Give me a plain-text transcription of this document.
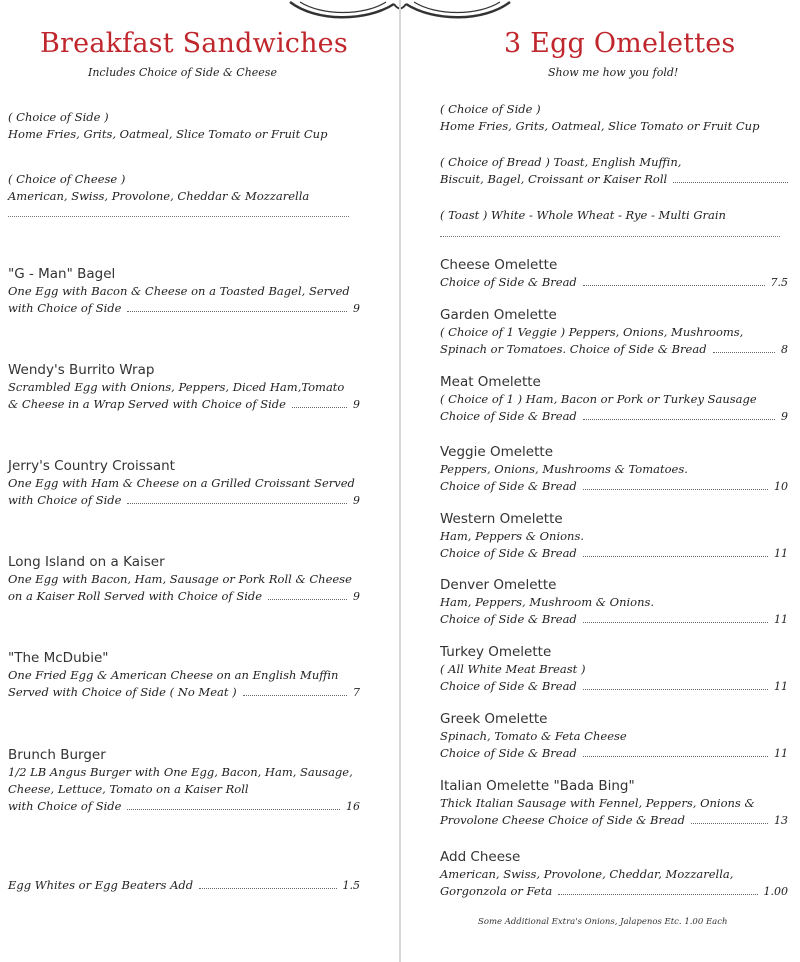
Breakfast Sandwiches
Includes Choice of Side & Cheese
( Choice of Side )
Home Fries, Grits, Oatmeal, Slice Tomato or Fruit Cup
( Choice of Cheese )
American, Swiss, Provolone, Cheddar & Mozzarella
"G - Man" Bagel
One Egg with Bacon & Cheese on a Toasted Bagel, Served
with Choice of Side	9
Wendy's Burrito Wrap
Scrambled Egg with Onions, Peppers, Diced Ham,Tomato
& Cheese in a Wrap Served with Choice of Side	9
Jerry's Country Croissant
One Egg with Ham & Cheese on a Grilled Croissant Served
with Choice of Side	9
Long Island on a Kaiser
One Egg with Bacon, Ham, Sausage or Pork Roll & Cheese
on a Kaiser Roll Served with Choice of Side	9
"The McDubie"
One Fried Egg & American Cheese on an English Muffin
Served with Choice of Side ( No Meat )	7
Brunch Burger
1/2 LB Angus Burger with One Egg, Bacon, Ham, Sausage,
Cheese, Lettuce, Tomato on a Kaiser Roll
with Choice of Side	16
Egg Whites or Egg Beaters Add	1.5
3 Egg Omelettes
Show me how you fold!
( Choice of Side )
Home Fries, Grits, Oatmeal, Slice Tomato or Fruit Cup
( Choice of Bread ) Toast, English Muffin,
Biscuit, Bagel, Croissant or Kaiser Roll
( Toast ) White - Whole Wheat - Rye - Multi Grain
Cheese Omelette
Choice of Side & Bread	7.5
Garden Omelette
( Choice of 1 Veggie ) Peppers, Onions, Mushrooms,
Spinach or Tomatoes. Choice of Side & Bread	8
Meat Omelette
( Choice of 1 ) Ham, Bacon or Pork or Turkey Sausage
Choice of Side & Bread	9
Veggie Omelette
Peppers, Onions, Mushrooms & Tomatoes.
Choice of Side & Bread	10
Western Omelette
Ham, Peppers & Onions.
Choice of Side & Bread	11
Denver Omelette
Ham, Peppers, Mushroom & Onions.
Choice of Side & Bread	11
Turkey Omelette
( All White Meat Breast )
Choice of Side & Bread	11
Greek Omelette
Spinach, Tomato & Feta Cheese
Choice of Side & Bread	11
Italian Omelette "Bada Bing"
Thick Italian Sausage with Fennel, Peppers, Onions &
Provolone Cheese Choice of Side & Bread	13
Add Cheese
American, Swiss, Provolone, Cheddar, Mozzarella,
Gorgonzola or Feta	1.00
Some Additional Extra's Onions, Jalapenos Etc. 1.00 Each
